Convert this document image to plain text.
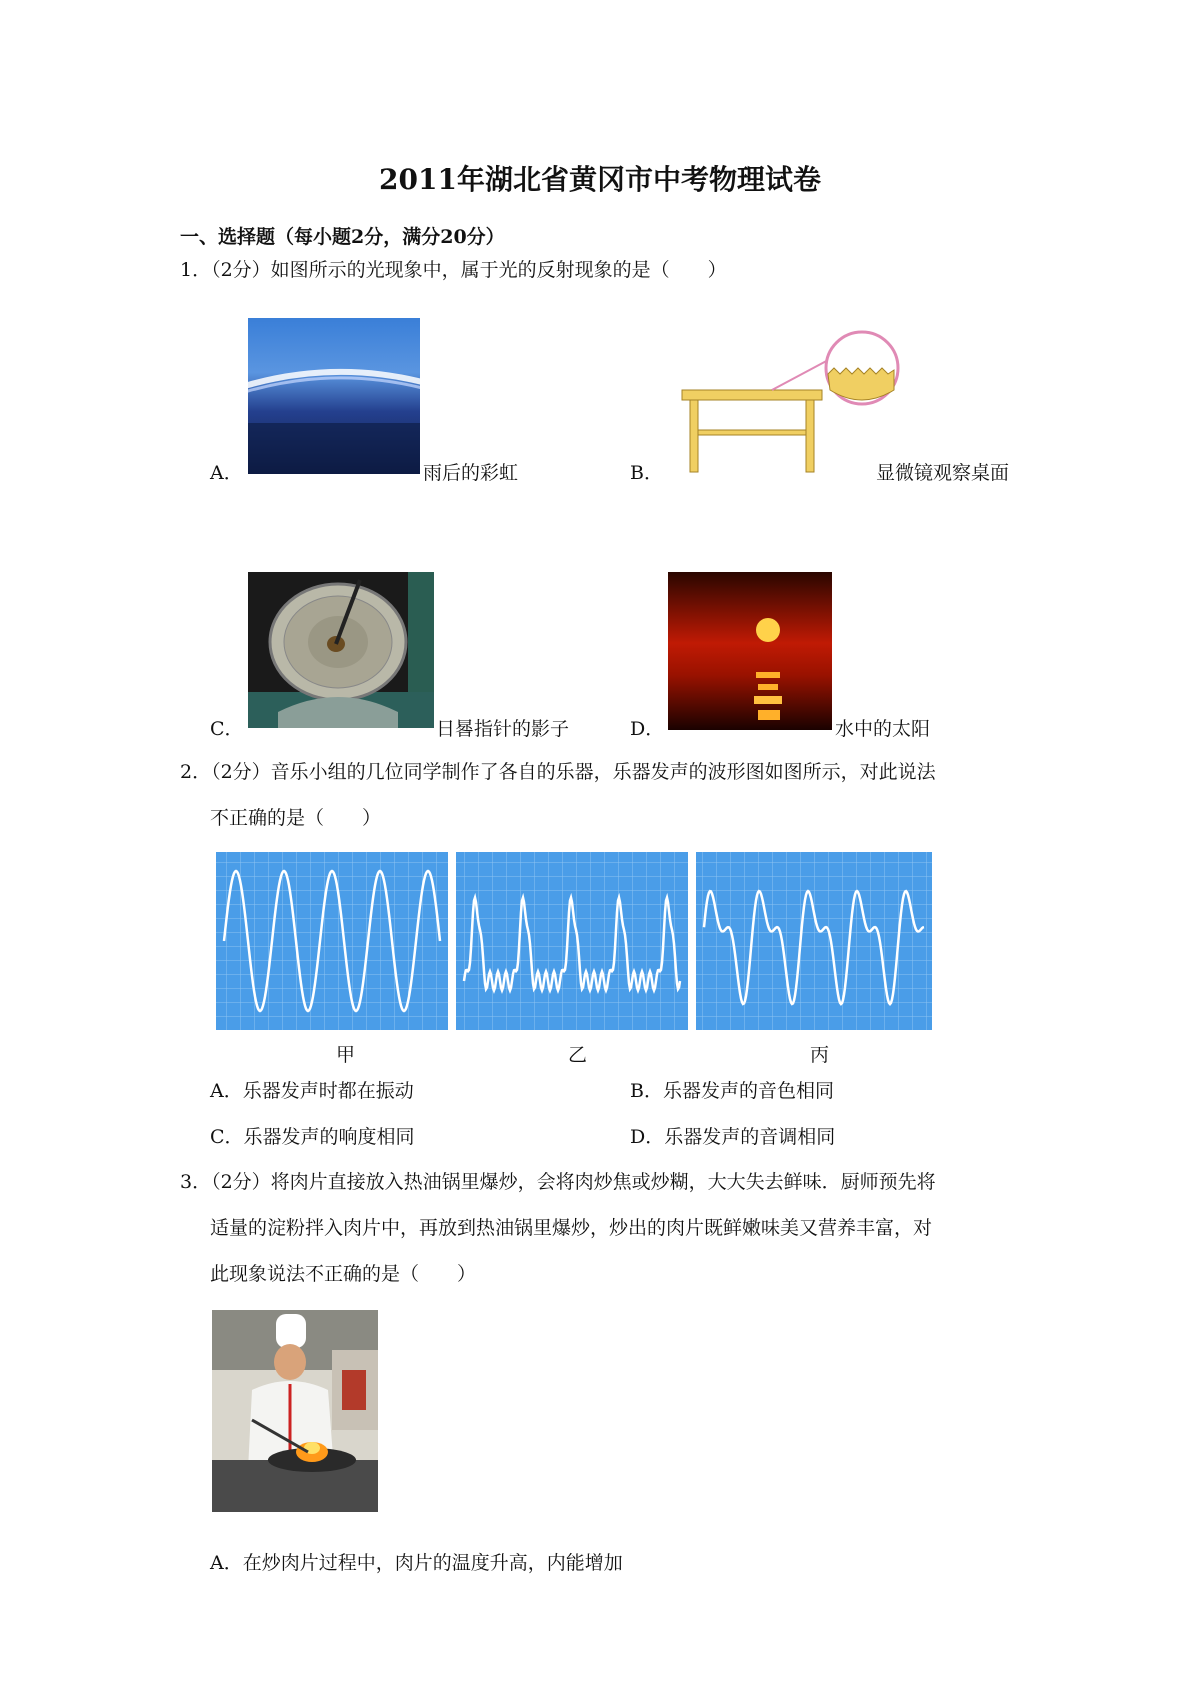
2011年湖北省黄冈市中考物理试卷
一、选择题（每小题2分，满分20分）
1．（2分）如图所示的光现象中，属于光的反射现象的是（　　）
A．	雨后的彩虹	B．	显微镜观察桌面
C．	日晷指针的影子	D．	水中的太阳
2．（2分）音乐小组的几位同学制作了各自的乐器，乐器发声的波形图如图所示，对此说法
不正确的是（　　）
甲	乙	丙
A．乐器发声时都在振动	B．乐器发声的音色相同
C．乐器发声的响度相同	D．乐器发声的音调相同
3．（2分）将肉片直接放入热油锅里爆炒，会将肉炒焦或炒糊，大大失去鲜味．厨师预先将
适量的淀粉拌入肉片中，再放到热油锅里爆炒，炒出的肉片既鲜嫩味美又营养丰富，对
此现象说法不正确的是（　　）
A．在炒肉片过程中，肉片的温度升高，内能增加
